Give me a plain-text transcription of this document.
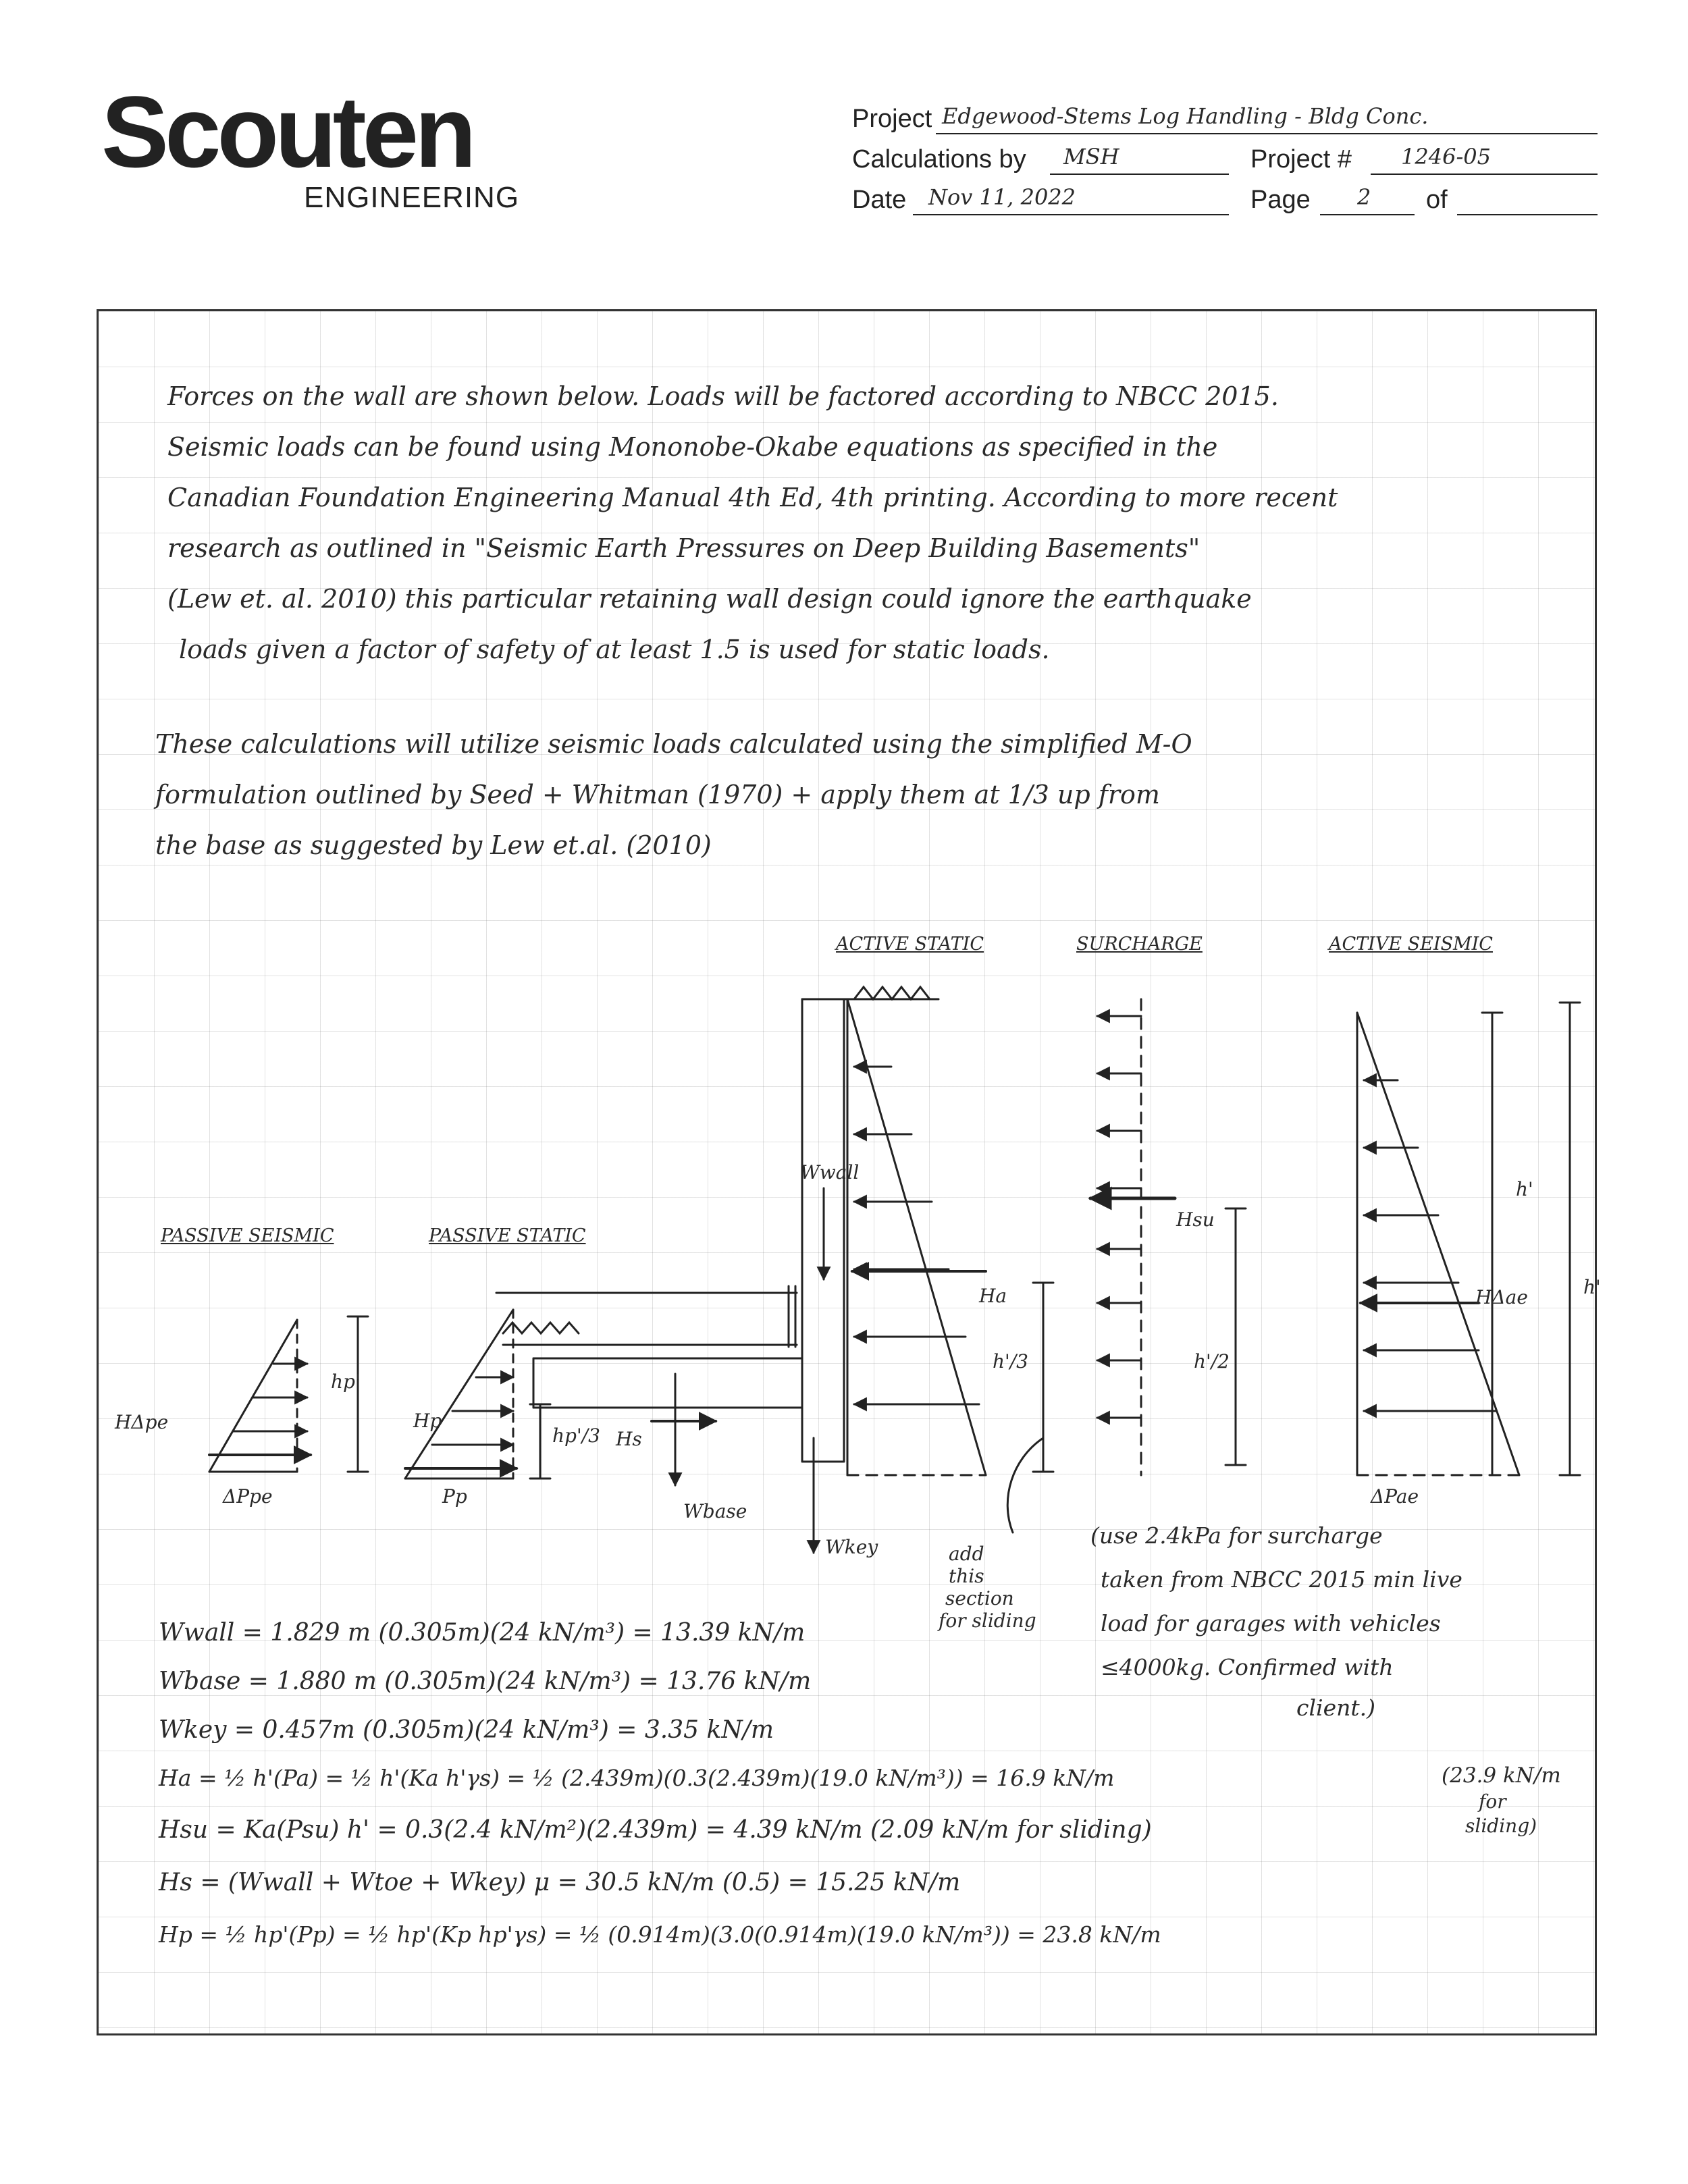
Scouten
ENGINEERING
Project Edgewood-Stems Log Handling - Bldg Conc.
Calculations by MSH	Project # 1246-05
Date Nov 11, 2022	Page 2 of
Forces on the wall are shown below. Loads will be factored according to NBCC 2015.
Seismic loads can be found using Mononobe-Okabe equations as specified in the
Canadian Foundation Engineering Manual 4th Ed, 4th printing. According to more recent
research as outlined in "Seismic Earth Pressures on Deep Building Basements"
(Lew et. al. 2010) this particular retaining wall design could ignore the earthquake
loads given a factor of safety of at least 1.5 is used for static loads.
These calculations will utilize seismic loads calculated using the simplified M-O
formulation outlined by Seed + Whitman (1970) + apply them at 1/3 up from
the base as suggested by Lew et.al. (2010)
ACTIVE STATIC	SURCHARGE	ACTIVE SEISMIC
PASSIVE SEISMIC	PASSIVE STATIC
Wwall
Ha
h'/3
Hsu
h'/2
h'
h'
HΔae
ΔPae
HΔpe
ΔPpe
hp'
Hp
Pp
hp'/3 Hs
Wbase
Wkey	add
this
section
for sliding
(use 2.4kPa for surcharge
taken from NBCC 2015 min live
load for garages with vehicles
≤4000kg. Confirmed with
client.)
Wwall = 1.829 m (0.305m)(24 kN/m³) = 13.39 kN/m
Wbase = 1.880 m (0.305m)(24 kN/m³) = 13.76 kN/m
Wkey = 0.457m (0.305m)(24 kN/m³) = 3.35 kN/m
Ha = ½ h'(Pa) = ½ h'(Ka h'γs) = ½ (2.439m)(0.3(2.439m)(19.0 kN/m³)) = 16.9 kN/m
Hsu = Ka(Psu) h' = 0.3(2.4 kN/m²)(2.439m) = 4.39 kN/m (2.09 kN/m for sliding)
Hs = (Wwall + Wtoe + Wkey) μ = 30.5 kN/m (0.5) = 15.25 kN/m
Hp = ½ hp'(Pp) = ½ hp'(Kp hp'γs) = ½ (0.914m)(3.0(0.914m)(19.0 kN/m³)) = 23.8 kN/m
(23.9 kN/m
for
sliding)
